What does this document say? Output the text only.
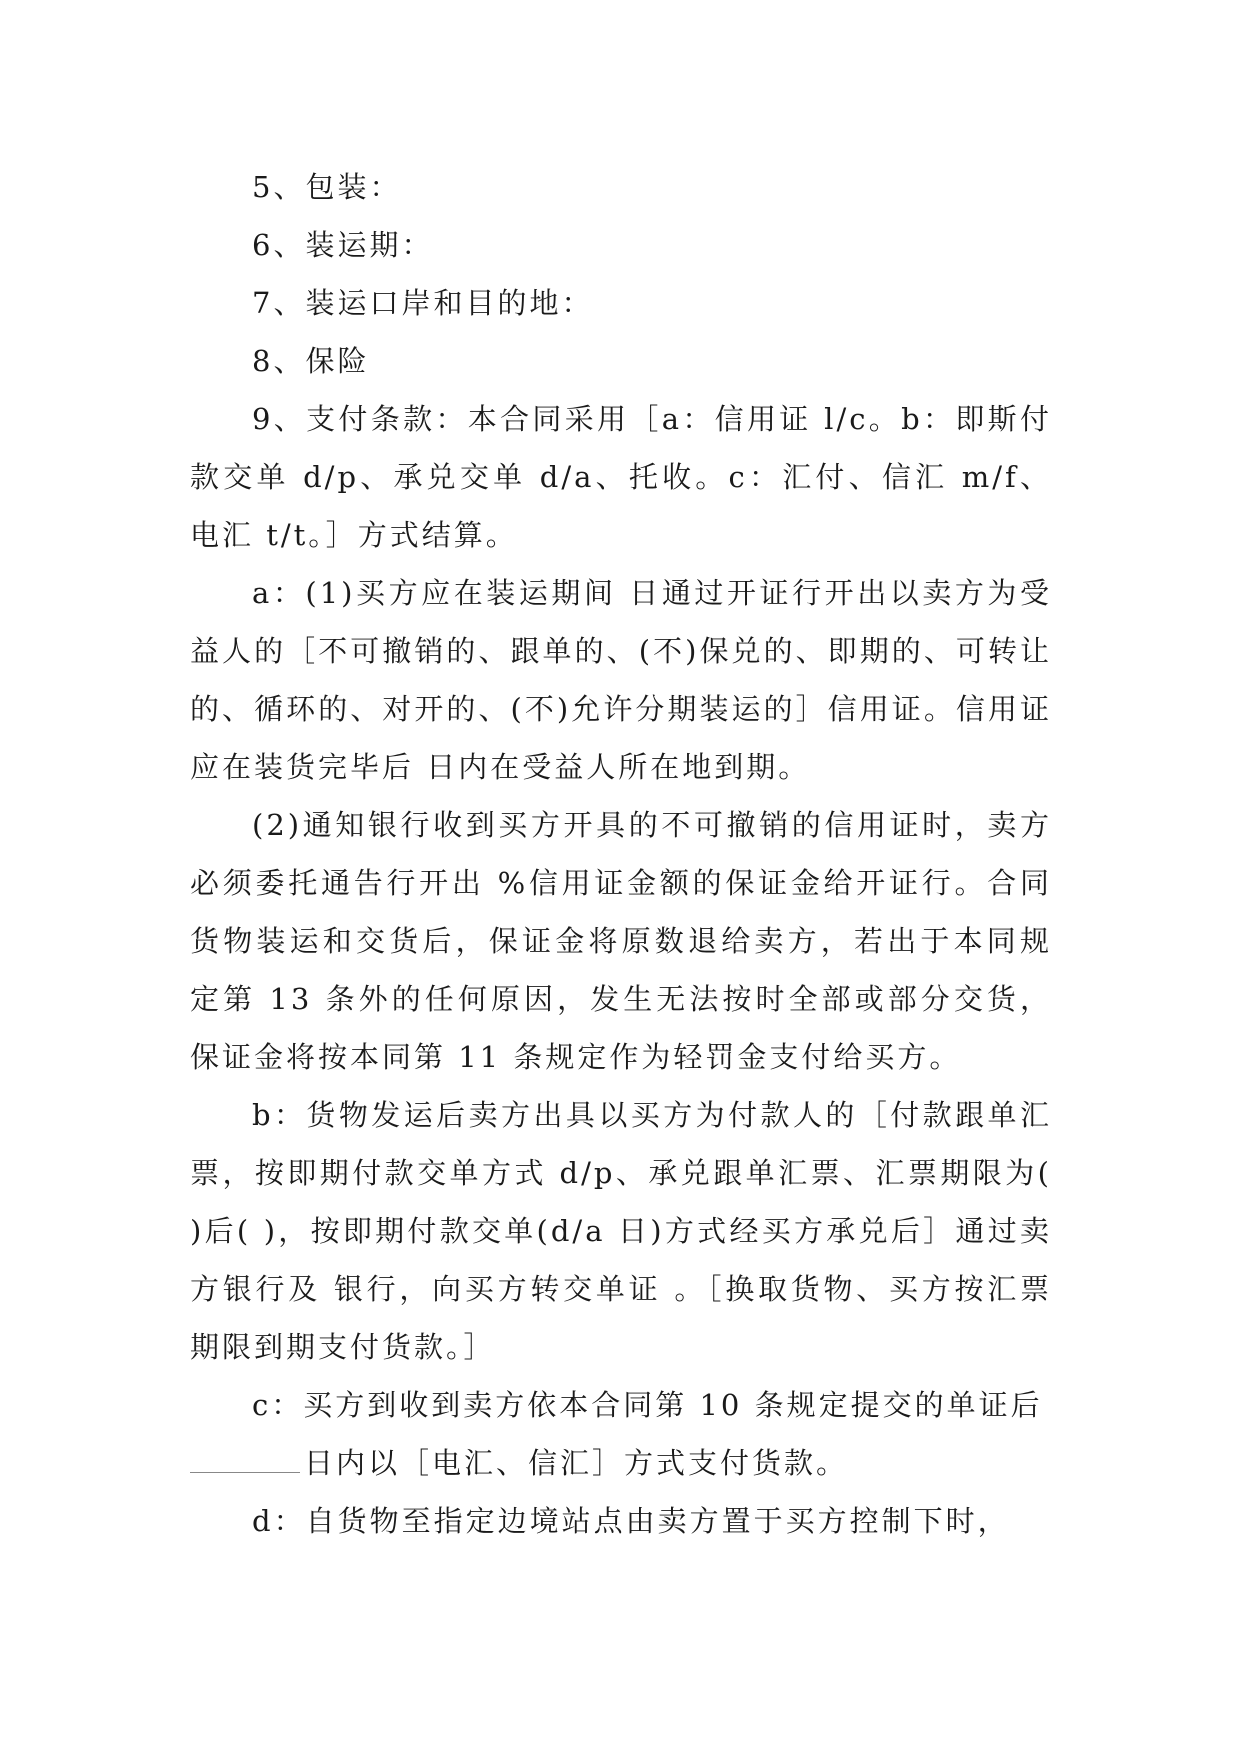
5、包装：

6、装运期：

7、装运口岸和目的地：

8、保险

9、支付条款：本合同采用［a：信用证 l/c。b：即斯付款交单 d/p、承兑交单 d/a、托收。c：汇付、信汇 m/f、电汇 t/t。］方式结算。

a：(1)买方应在装运期间 日通过开证行开出以卖方为受益人的［不可撤销的、跟单的、(不)保兑的、即期的、可转让的、循环的、对开的、(不)允许分期装运的］信用证。信用证应在装货完毕后 日内在受益人所在地到期。

(2)通知银行收到买方开具的不可撤销的信用证时，卖方必须委托通告行开出 %信用证金额的保证金给开证行。合同货物装运和交货后，保证金将原数退给卖方，若出于本同规定第 13 条外的任何原因，发生无法按时全部或部分交货，保证金将按本同第 11 条规定作为轻罚金支付给买方。

b：货物发运后卖方出具以买方为付款人的［付款跟单汇票，按即期付款交单方式 d/p、承兑跟单汇票、汇票期限为( )后( )，按即期付款交单(d/a 日)方式经买方承兑后］通过卖方银行及 银行，向买方转交单证 。［换取货物、买方按汇票期限到期支付货款。］

c：买方到收到卖方依本合同第 10 条规定提交的单证后

日内以［电汇、信汇］方式支付货款。

d：自货物至指定边境站点由卖方置于买方控制下时，
